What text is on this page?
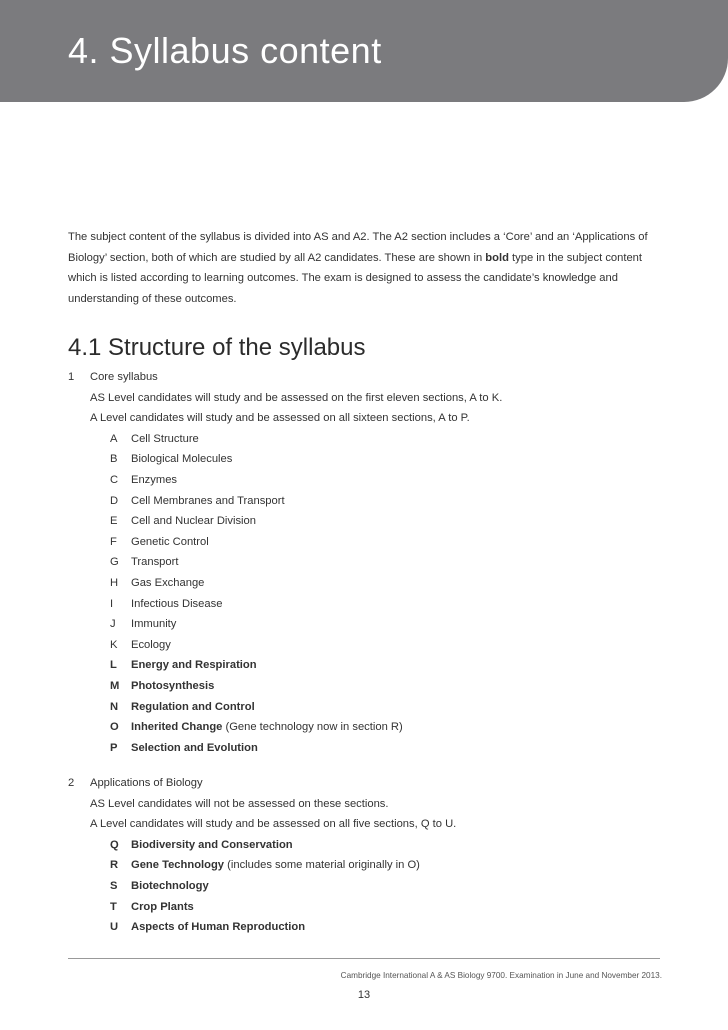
4. Syllabus content

The subject content of the syllabus is divided into AS and A2. The A2 section includes a ‘Core’ and an ‘Applications of Biology’ section, both of which are studied by all A2 candidates. These are shown in bold type in the subject content which is listed according to learning outcomes. The exam is designed to assess the candidate’s knowledge and understanding of these outcomes.

4.1 Structure of the syllabus
1 Core syllabus
AS Level candidates will study and be assessed on the first eleven sections, A to K.
A Level candidates will study and be assessed on all sixteen sections, A to P.
A	Cell Structure
B	Biological Molecules
C	Enzymes
D	Cell Membranes and Transport
E	Cell and Nuclear Division
F	Genetic Control
G	Transport
H	Gas Exchange
I	Infectious Disease
J	Immunity
K	Ecology
L	Energy and Respiration
M	Photosynthesis
N	Regulation and Control
O	Inherited Change (Gene technology now in section R)
P	Selection and Evolution
2 Applications of Biology
AS Level candidates will not be assessed on these sections.
A Level candidates will study and be assessed on all five sections, Q to U.
Q	Biodiversity and Conservation
R	Gene Technology (includes some material originally in O)
S	Biotechnology
T	Crop Plants
U	Aspects of Human Reproduction
Cambridge International A & AS Biology 9700. Examination in June and November 2013.
13
